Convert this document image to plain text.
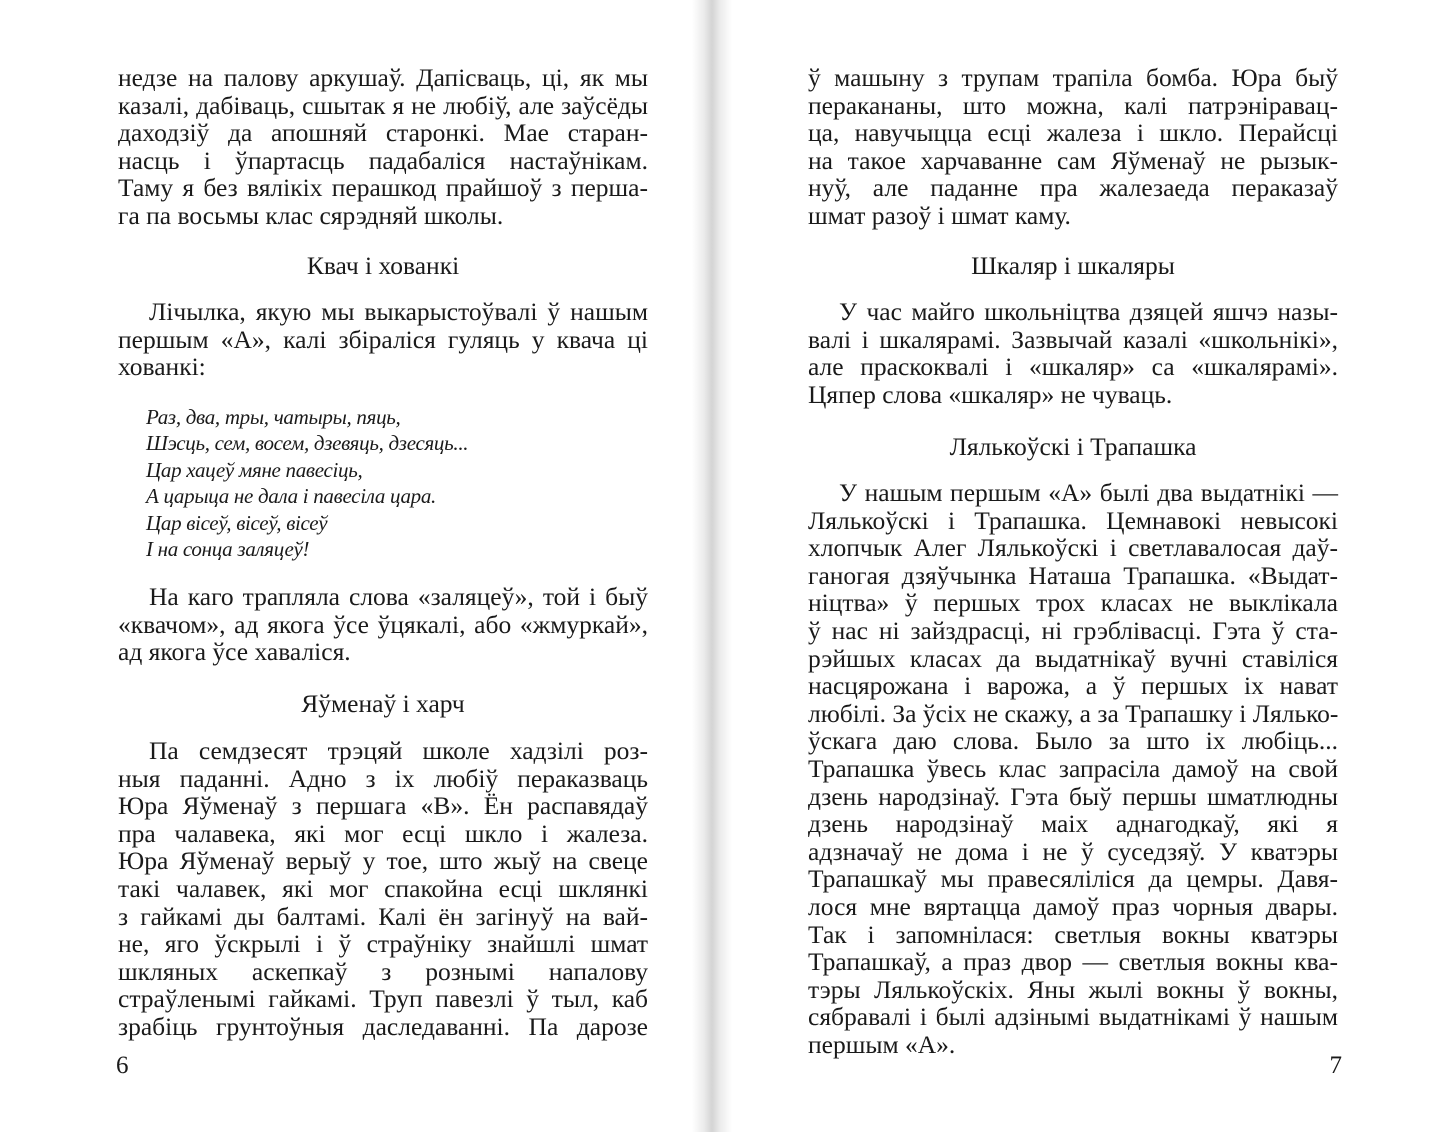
недзе на палову аркушаў. Дапісваць, ці, як мы
казалі, дабіваць, сшытак я не любіў, але заўсёды
даходзіў да апошняй старонкі. Мае старан-
насць і ўпартасць падабаліся настаўнікам.
Таму я без вялікіх перашкод прайшоў з перша-
га па восьмы клас сярэдняй школы.
Квач і хованкі
Лічылка, якую мы выкарыстоўвалі ў нашым
першым «А», калі збіраліся гуляць у квача ці
хованкі:
Раз, два, тры, чатыры, пяць,
Шэсць, сем, восем, дзевяць, дзесяць...
Цар хацеў мяне павесіць,
А царыца не дала і павесіла цара.
Цар вісеў, вісеў, вісеў
І на сонца заляцеў!
На каго трапляла слова «заляцеў», той і быў
«квачом», ад якога ўсе ўцякалі, або «жмуркай»,
ад якога ўсе хаваліся.
Яўменаў і харч
Па семдзесят трэцяй школе хадзілі роз-
ныя паданні. Адно з іх любіў пераказваць
Юра Яўменаў з першага «В». Ён распавядаў
пра чалавека, які мог есці шкло і жалеза.
Юра Яўменаў верыў у тое, што жыў на свеце
такі чалавек, які мог спакойна есці шклянкі
з гайкамі ды балтамі. Калі ён загінуў на вай-
не, яго ўскрылі і ў страўніку знайшлі шмат
шкляных аскепкаў з рознымі напалову
страўленымі гайкамі. Труп павезлі ў тыл, каб
зрабіць грунтоўныя даследаванні. Па дарозе
6
ў машыну з трупам трапіла бомба. Юра быў
перакананы, што можна, калі патрэніравац-
ца, навучыцца есці жалеза і шкло. Перайсці
на такое харчаванне сам Яўменаў не рызык-
нуў, але паданне пра жалезаеда пераказаў
шмат разоў і шмат каму.
Шкаляр і шкаляры
У час майго школьніцтва дзяцей яшчэ назы-
валі і шкалярамі. Зазвычай казалі «школьнікі»,
але праскоквалі і «шкаляр» са «шкалярамі».
Цяпер слова «шкаляр» не чуваць.
Лялькоўскі і Трапашка
У нашым першым «А» былі два выдатнікі —
Лялькоўскі і Трапашка. Цемнавокі невысокі
хлопчык Алег Лялькоўскі і светлавалосая даў-
ганогая дзяўчынка Наташа Трапашка. «Выдат-
ніцтва» ў першых трох класах не выклікала
ў нас ні зайздрасці, ні грэблівасці. Гэта ў ста-
рэйшых класах да выдатнікаў вучні ставіліся
насцярожана і варожа, а ў першых іх нават
любілі. За ўсіх не скажу, а за Трапашку і Лялько-
ўскага даю слова. Было за што іх любіць...
Трапашка ўвесь клас запрасіла дамоў на свой
дзень народзінаў. Гэта быў першы шматлюдны
дзень народзінаў маіх аднагодкаў, які я
адзначаў не дома і не ў суседзяў. У кватэры
Трапашкаў мы правесяліліся да цемры. Давя-
лося мне вяртацца дамоў праз чорныя двары.
Так і запомнілася: светлыя вокны кватэры
Трапашкаў, а праз двор — светлыя вокны ква-
тэры Лялькоўскіх. Яны жылі вокны ў вокны,
сябравалі і былі адзінымі выдатнікамі ў нашым
першым «А».
7
